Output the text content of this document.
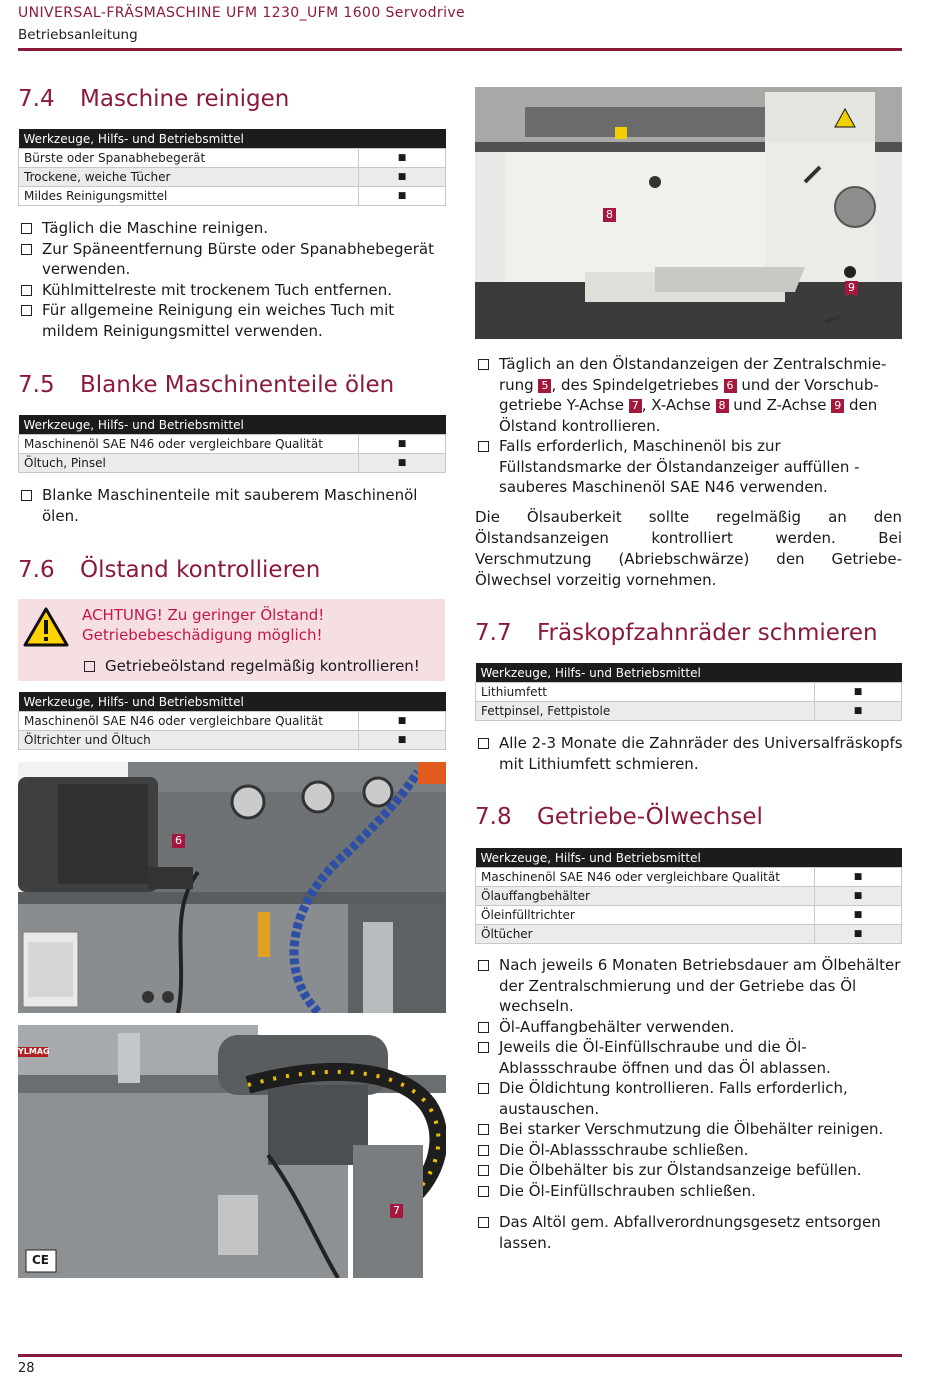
UNIVERSAL-FRÄSMASCHINE UFM 1230_UFM 1600 Servodrive
Betriebsanleitung
7.4 Maschine reinigen
Werkzeuge, Hilfs- und Betriebsmittel	
Bürste oder Spanabhebegerät	■
Trockene, weiche Tücher	■
Mildes Reinigungsmittel	■
Täglich die Maschine reinigen.
Zur Späneentfernung Bürste oder Spanabhebegerät verwenden.
Kühlmittelreste mit trockenem Tuch entfernen.
Für allgemeine Reinigung ein weiches Tuch mit mildem Reinigungsmittel verwenden.
7.5 Blanke Maschinenteile ölen
Werkzeuge, Hilfs- und Betriebsmittel	
Maschinenöl SAE N46 oder vergleichbare Qualität	■
Öltuch, Pinsel	■
Blanke Maschinenteile mit sauberem Maschinenöl ölen.
7.6 Ölstand kontrollieren
ACHTUNG! Zu geringer Ölstand!
Getriebebeschädigung möglich!
Getriebeölstand regelmäßig kontrollieren!
Werkzeuge, Hilfs- und Betriebsmittel	
Maschinenöl SAE N46 oder vergleichbare Qualität	■
Öltrichter und Öltuch	■
6
CE
YLMAG
7
8
9
Täglich an den Ölstandanzeigen der Zentralschmie-
rung 5 , des Spindelgetriebes 6 und der Vorschub-
getriebe Y-Achse 7 , X-Achse 8 und Z-Achse 9 den
Ölstand kontrollieren.
Falls erforderlich, Maschinenöl bis zur Füllstandsmarke der Ölstandanzeiger auffüllen - sauberes Maschinenöl SAE N46 verwenden.
Die Ölsauberkeit sollte regelmäßig an den Ölstandsanzeigen kontrolliert werden. Bei Verschmutzung (Abriebschwärze) den Getriebe-Ölwechsel vorzeitig vornehmen.
7.7 Fräskopfzahnräder schmieren
Werkzeuge, Hilfs- und Betriebsmittel	
Lithiumfett	■
Fettpinsel, Fettpistole	■
Alle 2-3 Monate die Zahnräder des Universalfräskopfs mit Lithiumfett schmieren.
7.8 Getriebe-Ölwechsel
Werkzeuge, Hilfs- und Betriebsmittel	
Maschinenöl SAE N46 oder vergleichbare Qualität	■
Ölauffangbehälter	■
Öleinfülltrichter	■
Öltücher	■
Nach jeweils 6 Monaten Betriebsdauer am Ölbehälter der Zentralschmierung und der Getriebe das Öl wechseln.
Öl-Auffangbehälter verwenden.
Jeweils die Öl-Einfüllschraube und die Öl-Ablassschraube öffnen und das Öl ablassen.
Die Öldichtung kontrollieren. Falls erforderlich, austauschen.
Bei starker Verschmutzung die Ölbehälter reinigen.
Die Öl-Ablassschraube schließen.
Die Ölbehälter bis zur Ölstandsanzeige befüllen.
Die Öl-Einfüllschrauben schließen.
Das Altöl gem. Abfallverordnungsgesetz entsorgen lassen.
28
